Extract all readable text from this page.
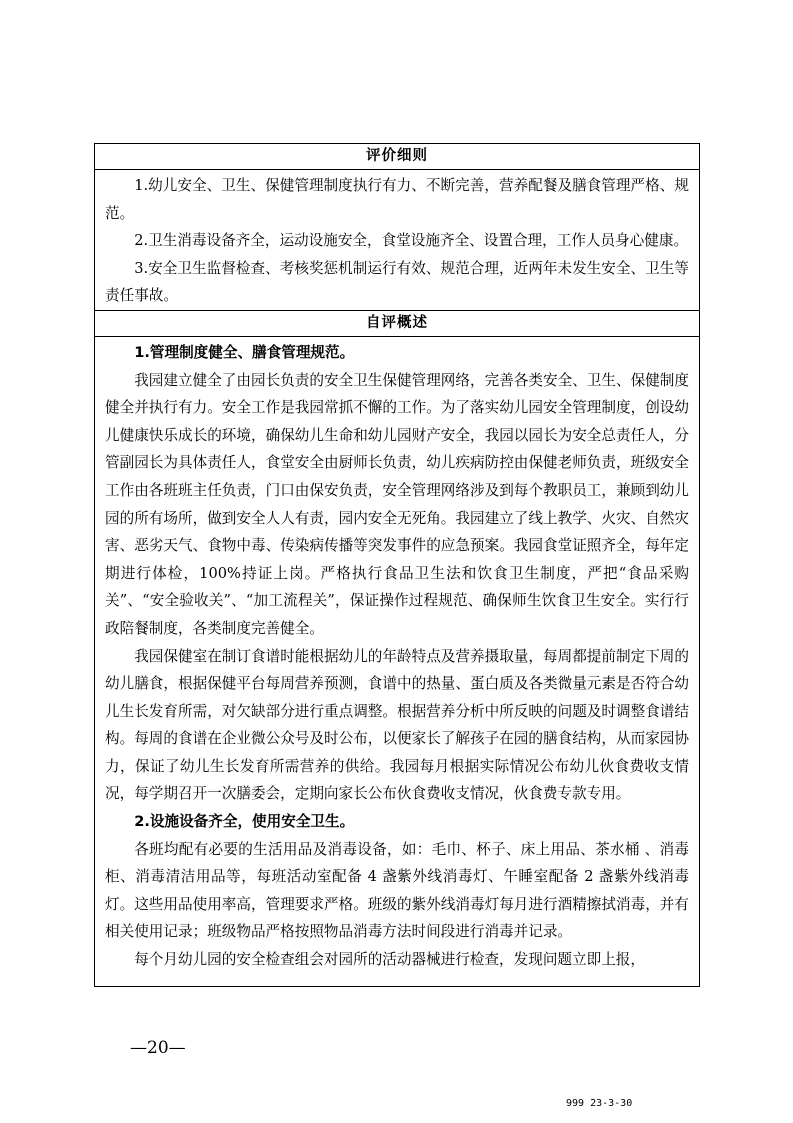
评价细则

1.幼儿安全、卫生、保健管理制度执行有力、不断完善，营养配餐及膳食管理严格、规范。

2.卫生消毒设备齐全，运动设施安全，食堂设施齐全、设置合理，工作人员身心健康。

3.安全卫生监督检查、考核奖惩机制运行有效、规范合理，近两年未发生安全、卫生等责任事故。

自评概述

1.管理制度健全、膳食管理规范。

我园建立健全了由园长负责的安全卫生保健管理网络，完善各类安全、卫生、保健制度健全并执行有力。安全工作是我园常抓不懈的工作。为了落实幼儿园安全管理制度，创设幼儿健康快乐成长的环境，确保幼儿生命和幼儿园财产安全，我园以园长为安全总责任人，分管副园长为具体责任人，食堂安全由厨师长负责，幼儿疾病防控由保健老师负责，班级安全工作由各班班主任负责，门口由保安负责，安全管理网络涉及到每个教职员工，兼顾到幼儿园的所有场所，做到安全人人有责，园内安全无死角。我园建立了线上教学、火灾、自然灾害、恶劣天气、食物中毒、传染病传播等突发事件的应急预案。我园食堂证照齐全，每年定期进行体检，100%持证上岗。严格执行食品卫生法和饮食卫生制度，严把“食品采购关”、“安全验收关”、“加工流程关”，保证操作过程规范、确保师生饮食卫生安全。实行行政陪餐制度，各类制度完善健全。

我园保健室在制订食谱时能根据幼儿的年龄特点及营养摄取量，每周都提前制定下周的幼儿膳食，根据保健平台每周营养预测，食谱中的热量、蛋白质及各类微量元素是否符合幼儿生长发育所需，对欠缺部分进行重点调整。根据营养分析中所反映的问题及时调整食谱结构。每周的食谱在企业微公众号及时公布，以便家长了解孩子在园的膳食结构，从而家园协力，保证了幼儿生长发育所需营养的供给。我园每月根据实际情况公布幼儿伙食费收支情况，每学期召开一次膳委会，定期向家长公布伙食费收支情况，伙食费专款专用。

2.设施设备齐全，使用安全卫生。

各班均配有必要的生活用品及消毒设备，如：毛巾、杯子、床上用品、茶水桶 、消毒柜、消毒清洁用品等，每班活动室配备 4 盏紫外线消毒灯、午睡室配备 2 盏紫外线消毒灯。这些用品使用率高，管理要求严格。班级的紫外线消毒灯每月进行酒精擦拭消毒，并有相关使用记录；班级物品严格按照物品消毒方法时间段进行消毒并记录。

每个月幼儿园的安全检查组会对园所的活动器械进行检查，发现问题立即上报，

—20—
999 23-3-30
